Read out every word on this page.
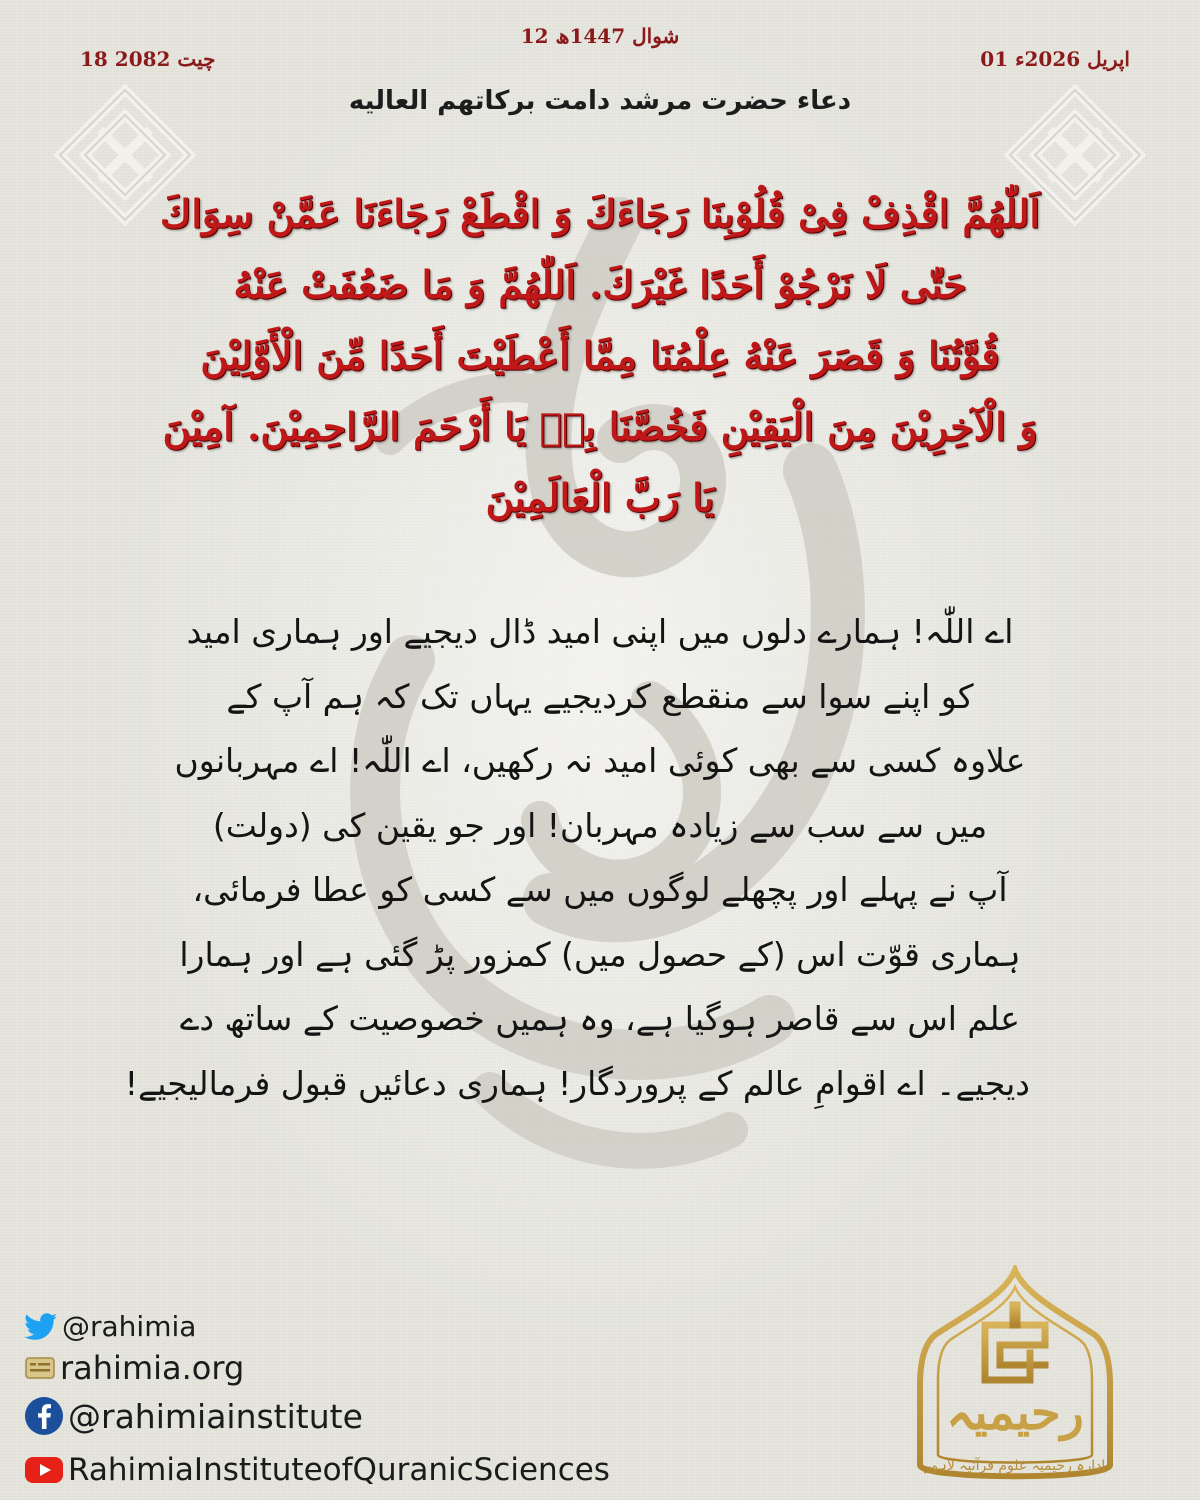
18 چیت 2082
12 شوال 1447ھ
01 اپریل 2026ء
دعاء حضرت مرشد دامت برکاتهم العالیه
اَللّٰهُمَّ اقْذِفْ فِیْ قُلُوْبِنَا رَجَاءَكَ وَ اقْطَعْ رَجَاءَنَا عَمَّنْ سِوَاكَ
حَتّٰى لَا نَرْجُوْ أَحَدًا غَيْرَكَ. اَللّٰهُمَّ وَ مَا ضَعُفَتْ عَنْهُ
قُوَّتُنَا وَ قَصَرَ عَنْهُ عِلْمُنَا مِمَّا أَعْطَيْتَ أَحَدًا مِّنَ الْأَوَّلِيْنَ
وَ الْآخِرِيْنَ مِنَ الْيَقِيْنِ فَخُصَّنَا بِهٖ يَا أَرْحَمَ الرَّاحِمِيْنَ. آمِيْنَ
يَا رَبَّ الْعَالَمِيْنَ
اے اللّٰہ! ہمارے دلوں میں اپنی امید ڈال دیجیے اور ہماری امید
کو اپنے سوا سے منقطع کردیجیے یہاں تک کہ ہم آپ کے
علاوہ کسی سے بھی کوئی امید نہ رکھیں، اے اللّٰہ! اے مہربانوں
میں سے سب سے زیادہ مہربان! اور جو یقین کی (دولت)
آپ نے پہلے اور پچھلے لوگوں میں سے کسی کو عطا فرمائی،
ہماری قوّت اس (کے حصول میں) کمزور پڑ گئی ہے اور ہمارا
علم اس سے قاصر ہوگیا ہے، وہ ہمیں خصوصیت کے ساتھ دے
دیجیے۔ اے اقوامِ عالم کے پروردگار! ہماری دعائیں قبول فرمالیجیے!
@rahimia
rahimia.org
@rahimiainstitute
RahimiaInstituteofQuranicSciences
رحیمیہ
ادارہ رحیمیہ علوم قرآنیہ لاہور
